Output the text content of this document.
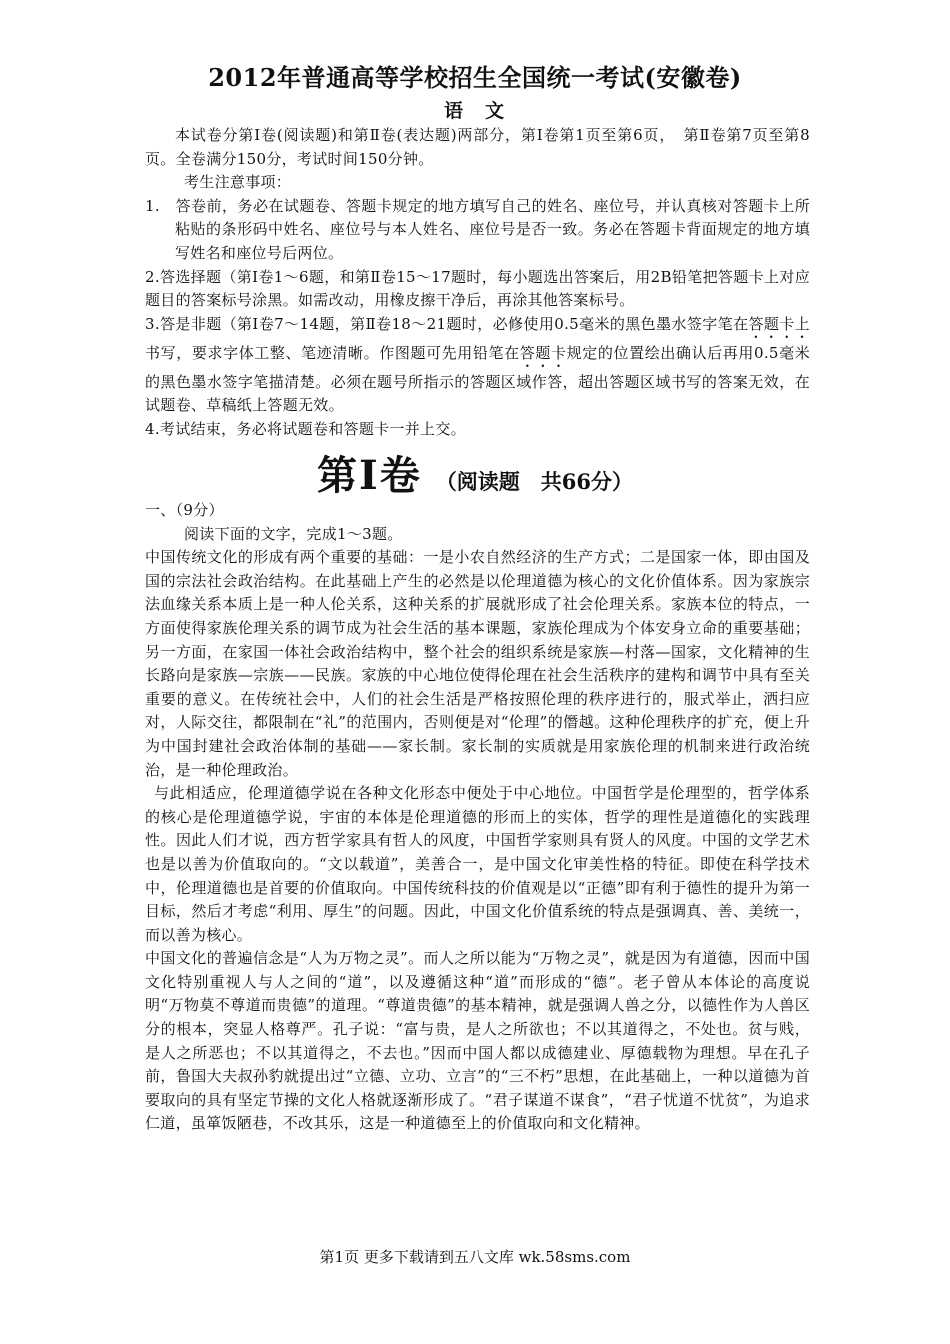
2012年普通高等学校招生全国统一考试(安徽卷)
语文

本试卷分第Ⅰ卷(阅读题)和第Ⅱ卷(表达题)两部分，第Ⅰ卷第1页至第6页，　第Ⅱ卷第7页至第8页。全卷满分150分，考试时间150分钟。

考生注意事项：

1.　答卷前，务必在试题卷、答题卡规定的地方填写自己的姓名、座位号，并认真核对答题卡上所粘贴的条形码中姓名、座位号与本人姓名、座位号是否一致。务必在答题卡背面规定的地方填写姓名和座位号后两位。

2.答选择题（第Ⅰ卷1～6题，和第Ⅱ卷15～17题时，每小题选出答案后，用2B铅笔把答题卡上对应题目的答案标号涂黑。如需改动，用橡皮擦干净后，再涂其他答案标号。

3.答是非题（第Ⅰ卷7～14题，第Ⅱ卷18～21题时，必修使用0.5毫米的黑色墨水签字笔在答题卡上书写，要求字体工整、笔迹清晰。作图题可先用铅笔在答题卡规定的位置绘出确认后再用0.5毫米的黑色墨水签字笔描清楚。必须在题号所指示的答题区域作答，超出答题区域书写的答案无效，在试题卷、草稿纸上答题无效。

4.考试结束，务必将试题卷和答题卡一并上交。

第Ⅰ卷 （阅读题　共66分）

一、（9分）

阅读下面的文字，完成1～3题。

中国传统文化的形成有两个重要的基础：一是小农自然经济的生产方式；二是国家一体，即由国及国的宗法社会政治结构。在此基础上产生的必然是以伦理道德为核心的文化价值体系。因为家族宗法血缘关系本质上是一种人伦关系，这种关系的扩展就形成了社会伦理关系。家族本位的特点，一方面使得家族伦理关系的调节成为社会生活的基本课题，家族伦理成为个体安身立命的重要基础；另一方面，在家国一体社会政治结构中，整个社会的组织系统是家族—村落—国家，文化精神的生长路向是家族—宗族——民族。家族的中心地位使得伦理在社会生活秩序的建构和调节中具有至关重要的意义。在传统社会中，人们的社会生活是严格按照伦理的秩序进行的，服式举止，洒扫应对，人际交往，都限制在“礼”的范围内，否则便是对“伦理”的僭越。这种伦理秩序的扩充，便上升为中国封建社会政治体制的基础——家长制。家长制的实质就是用家族伦理的机制来进行政治统治，是一种伦理政治。

与此相适应，伦理道德学说在各种文化形态中便处于中心地位。中国哲学是伦理型的，哲学体系的核心是伦理道德学说，宇宙的本体是伦理道德的形而上的实体，哲学的理性是道德化的实践理性。因此人们才说，西方哲学家具有哲人的风度，中国哲学家则具有贤人的风度。中国的文学艺术也是以善为价值取向的。“文以载道”，美善合一，是中国文化审美性格的特征。即使在科学技术中，伦理道德也是首要的价值取向。中国传统科技的价值观是以“正德”即有利于德性的提升为第一目标，然后才考虑“利用、厚生”的问题。因此，中国文化价值系统的特点是强调真、善、美统一，而以善为核心。

中国文化的普遍信念是“人为万物之灵”。而人之所以能为“万物之灵”，就是因为有道德，因而中国文化特别重视人与人之间的“道”，以及遵循这种“道”而形成的“德”。老子曾从本体论的高度说明“万物莫不尊道而贵德”的道理。“尊道贵德”的基本精神，就是强调人兽之分，以德性作为人兽区分的根本，突显人格尊严。孔子说：“富与贵，是人之所欲也；不以其道得之，不处也。贫与贱，是人之所恶也；不以其道得之，不去也。”因而中国人都以成德建业、厚德载物为理想。早在孔子前，鲁国大夫叔孙豹就提出过“立德、立功、立言”的“三不朽”思想，在此基础上，一种以道德为首要取向的具有坚定节操的文化人格就逐渐形成了。“君子谋道不谋食”，“君子忧道不忧贫”，为追求仁道，虽箪饭陋巷，不改其乐，这是一种道德至上的价值取向和文化精神。

第1页 更多下载请到五八文库 wk.58sms.com
